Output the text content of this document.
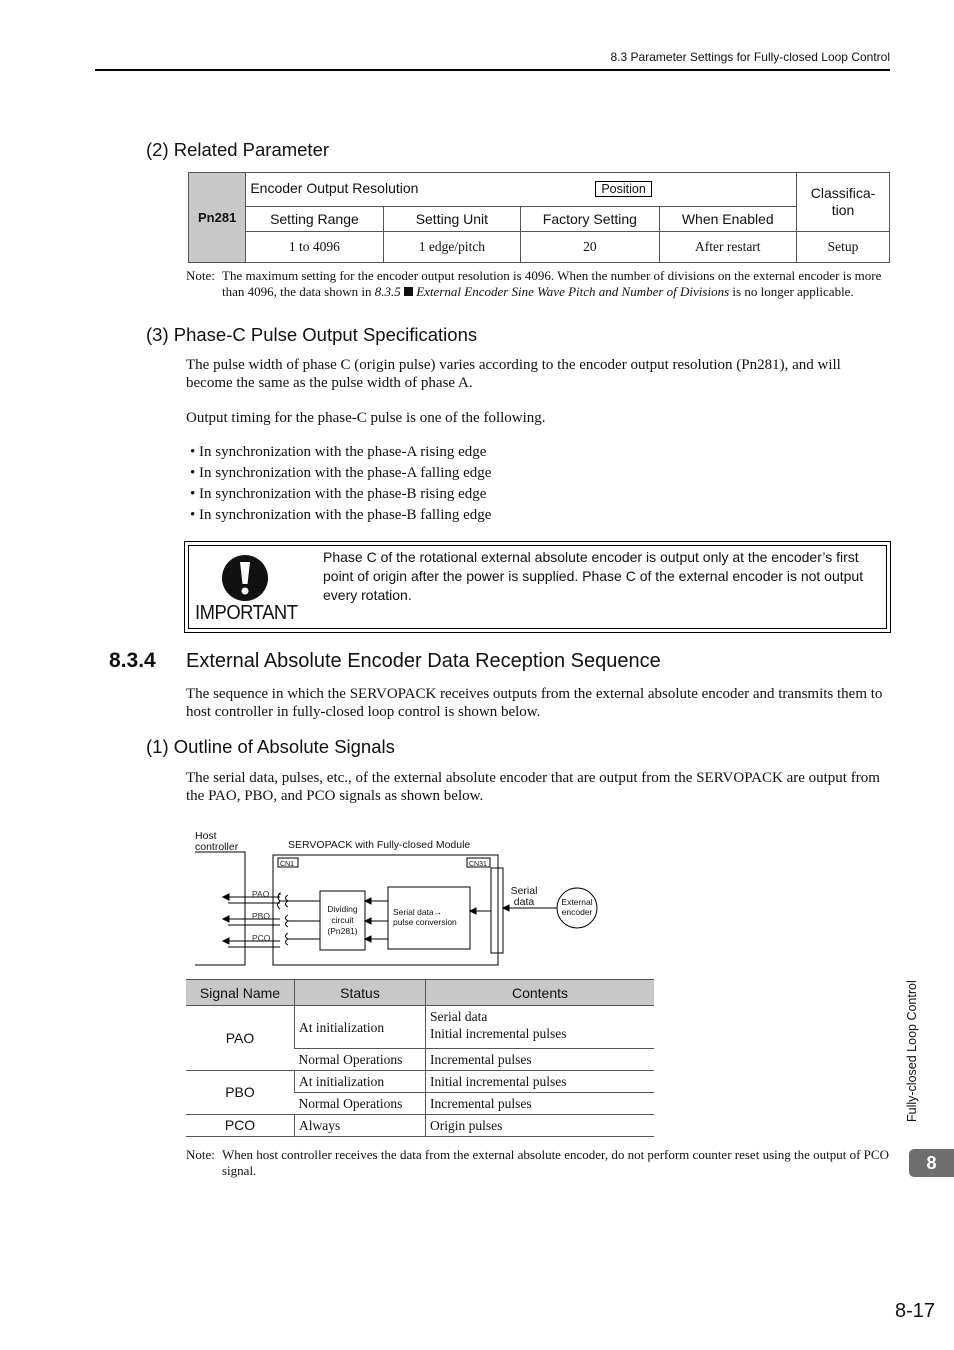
8.3 Parameter Settings for Fully-closed Loop Control
(2) Related Parameter
Pn281	Encoder Output Resolution Position				Classifica-
tion
	Setting Range	Setting Unit	Factory Setting	When Enabled	
	1 to 4096	1 edge/pitch	20	After restart	Setup
Note: The maximum setting for the encoder output resolution is 4096. When the number of divisions on the external encoder is more than 4096, the data shown in 8.3.5  External Encoder Sine Wave Pitch and Number of Divisions is no longer applicable.
(3) Phase-C Pulse Output Specifications

The pulse width of phase C (origin pulse) varies according to the encoder output resolution (Pn281), and will become the same as the pulse width of phase A.

Output timing for the phase-C pulse is one of the following.

• In synchronization with the phase-A rising edge
• In synchronization with the phase-A falling edge
• In synchronization with the phase-B rising edge
• In synchronization with the phase-B falling edge
IMPORTANT
Phase C of the rotational external absolute encoder is output only at the encoder’s first point of origin after the power is supplied. Phase C of the external encoder is not output every rotation.
8.3.4 External Absolute Encoder Data Reception Sequence

The sequence in which the SERVOPACK receives outputs from the external absolute encoder and transmits them to host controller in fully-closed loop control is shown below.

(1) Outline of Absolute Signals

The serial data, pulses, etc., of the external absolute encoder that are output from the SERVOPACK are output from the PAO, PBO, and PCO signals as shown below.

Host
controller	SERVOPACK with Fully-closed Module
CN1	CN31
PAO
PBO
PCO
Dividing
circuit
(Pn281)
Serial data→
pulse conversion
Serial
data	External
encoder
Signal Name	Status	Contents
PAO	At initialization	Serial data
Initial incremental pulses

	Normal Operations	Incremental pulses
PBO	At initialization	Initial incremental pulses
	Normal Operations	Incremental pulses
PCO	Always	Origin pulses
Note: When host controller receives the data from the external absolute encoder, do not perform counter reset using the output of PCO signal.
Fully-closed Loop Control
8
8-17
